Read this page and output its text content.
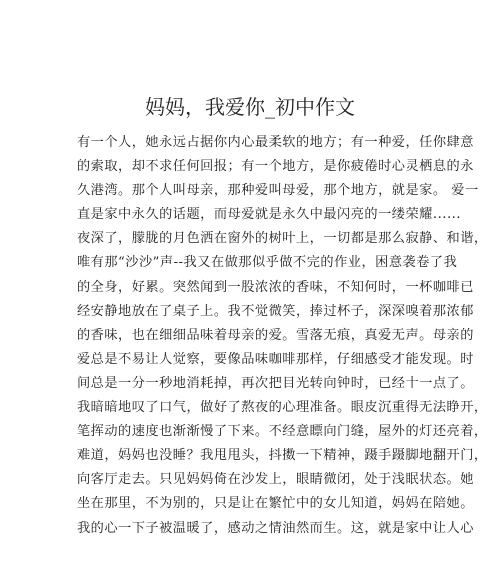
妈妈，我爱你_初中作文
有一个人，她永远占据你内心最柔软的地方；有一种爱，任你肆意
的索取，却不求任何回报；有一个地方，是你疲倦时心灵栖息的永
久港湾。那个人叫母亲，那种爱叫母爱，那个地方，就是家。 爱一
直是家中永久的话题，而母爱就是永久中最闪亮的一缕荣耀......
夜深了，朦胧的月色洒在窗外的树叶上，一切都是那么寂静、和谐，
唯有那“沙沙”声--我又在做那似乎做不完的作业，困意袭卷了我
的全身，好累。突然闻到一股浓浓的香味，不知何时，一杯咖啡已
经安静地放在了桌子上。我不觉微笑，捧过杯子，深深嗅着那浓郁
的香味，也在细细品味着母亲的爱。雪落无痕，真爱无声。母亲的
爱总是不易让人觉察，要像品味咖啡那样，仔细感受才能发现。时
间总是一分一秒地消耗掉，再次把目光转向钟时，已经十一点了。
我暗暗地叹了口气，做好了熬夜的心理准备。眼皮沉重得无法睁开，
笔挥动的速度也渐渐慢了下来。不经意瞟向门缝，屋外的灯还亮着，
难道，妈妈也没睡？我甩甩头，抖擞一下精神，蹑手蹑脚地翻开门，
向客厅走去。只见妈妈倚在沙发上，眼睛微闭，处于浅眠状态。她
坐在那里，不为别的，只是让在繁忙中的女儿知道，妈妈在陪她。
我的心一下子被温暖了，感动之情油然而生。这，就是家中让人心
